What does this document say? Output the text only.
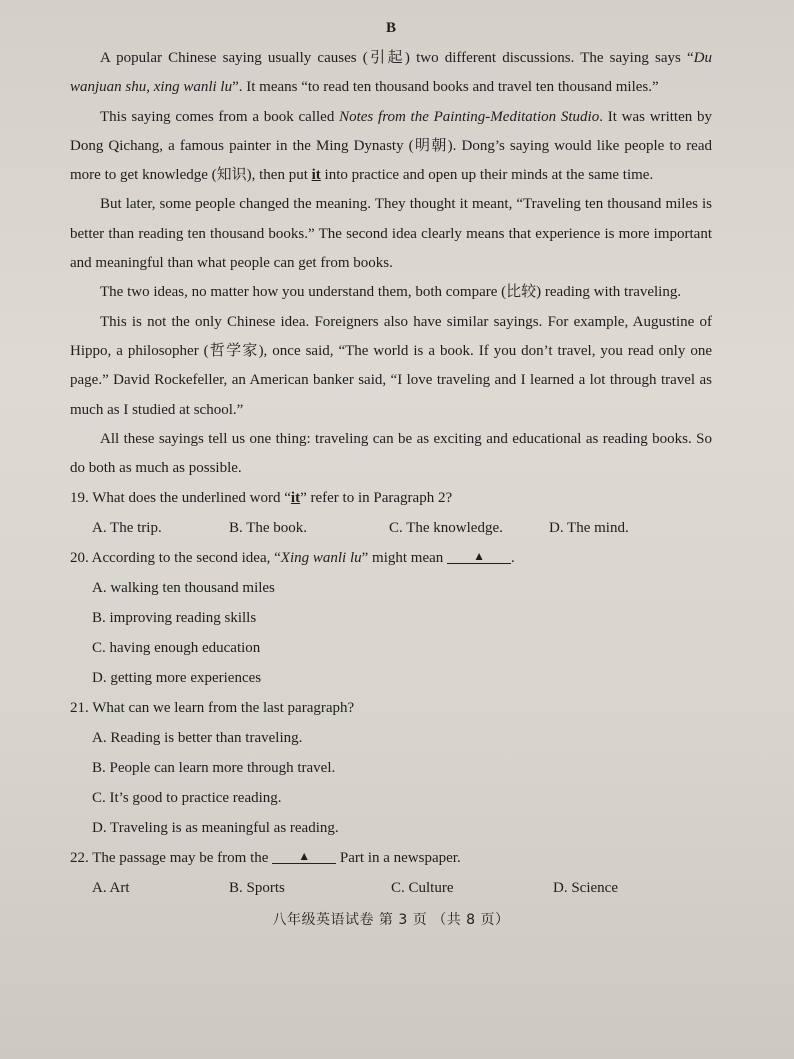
B

A popular Chinese saying usually causes (引起) two different discussions. The saying says “Du wanjuan shu, xing wanli lu”. It means “to read ten thousand books and travel ten thousand miles.”

This saying comes from a book called Notes from the Painting-Meditation Studio. It was written by Dong Qichang, a famous painter in the Ming Dynasty (明朝). Dong’s saying would like people to read more to get knowledge (知识), then put it into practice and open up their minds at the same time.

But later, some people changed the meaning. They thought it meant, “Traveling ten thousand miles is better than reading ten thousand books.” The second idea clearly means that experience is more important and meaningful than what people can get from books.

The two ideas, no matter how you understand them, both compare (比较) reading with traveling.

This is not the only Chinese idea. Foreigners also have similar sayings. For example, Augustine of Hippo, a philosopher (哲学家), once said, “The world is a book. If you don’t travel, you read only one page.” David Rockefeller, an American banker said, “I love traveling and I learned a lot through travel as much as I studied at school.”

All these sayings tell us one thing: traveling can be as exciting and educational as reading books. So do both as much as possible.

19. What does the underlined word “it” refer to in Paragraph 2?
A. The trip.	B. The book.	C. The knowledge.	D. The mind.
20. According to the second idea, “Xing wanli lu” might mean ▲ .
A. walking ten thousand miles
B. improving reading skills
C. having enough education
D. getting more experiences
21. What can we learn from the last paragraph?
A. Reading is better than traveling.
B. People can learn more through travel.
C. It’s good to practice reading.
D. Traveling is as meaningful as reading.
22. The passage may be from the ▲ Part in a newspaper.
A. Art	B. Sports	C. Culture	D. Science
八年级英语试卷 第 3 页 （共 8 页）
